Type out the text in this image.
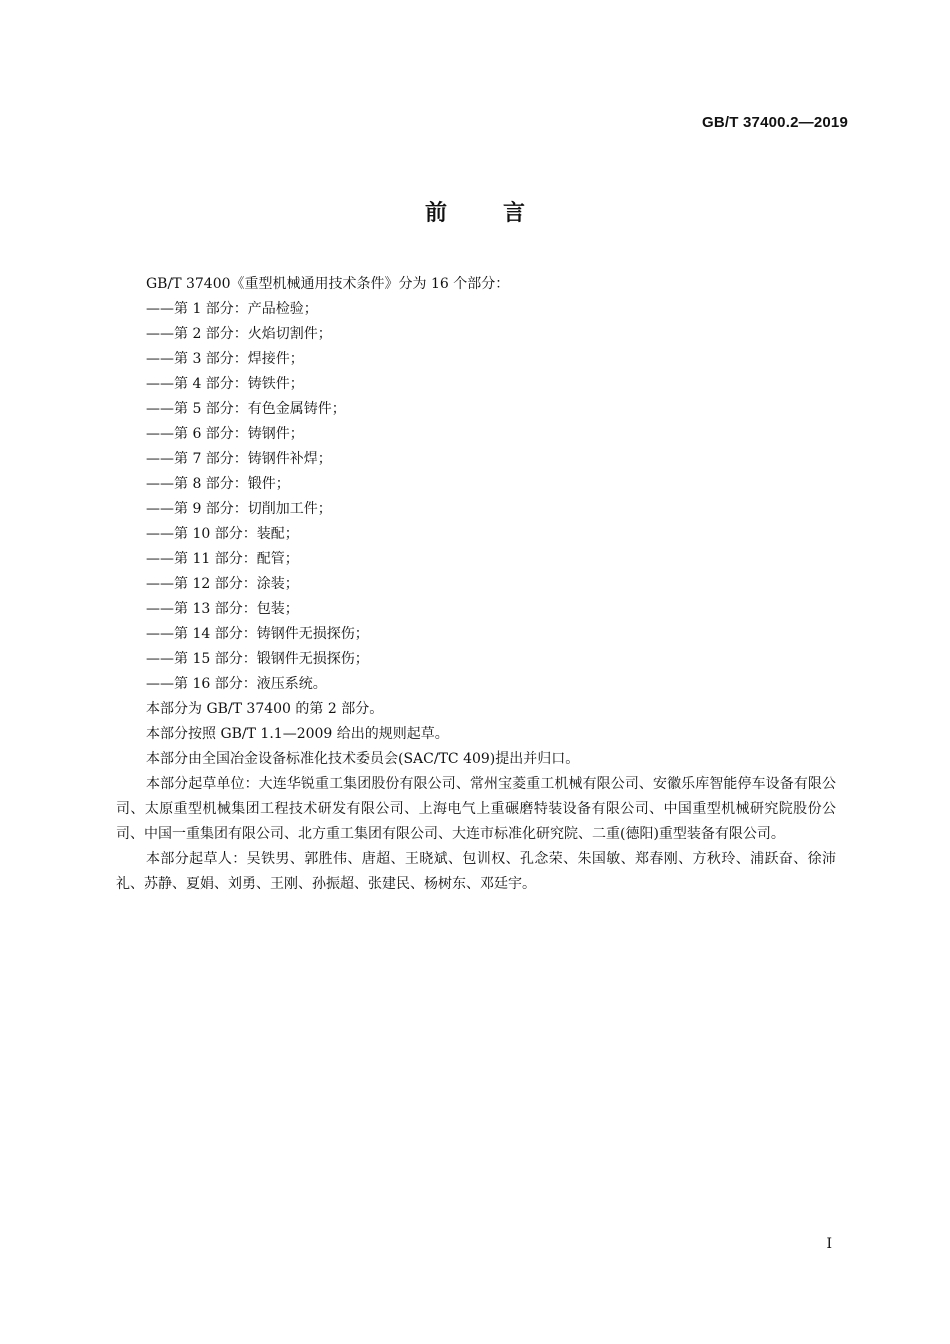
GB/T 37400.2—2019
前言

GB/T 37400《重型机械通用技术条件》分为 16 个部分：

——第 1 部分：产品检验；
——第 2 部分：火焰切割件；
——第 3 部分：焊接件；
——第 4 部分：铸铁件；
——第 5 部分：有色金属铸件；
——第 6 部分：铸钢件；
——第 7 部分：铸钢件补焊；
——第 8 部分：锻件；
——第 9 部分：切削加工件；
——第 10 部分：装配；
——第 11 部分：配管；
——第 12 部分：涂装；
——第 13 部分：包装；
——第 14 部分：铸钢件无损探伤；
——第 15 部分：锻钢件无损探伤；
——第 16 部分：液压系统。

本部分为 GB/T 37400 的第 2 部分。

本部分按照 GB/T 1.1—2009 给出的规则起草。

本部分由全国冶金设备标准化技术委员会(SAC/TC 409)提出并归口。

本部分起草单位：大连华锐重工集团股份有限公司、常州宝菱重工机械有限公司、安徽乐库智能停车设备有限公司、太原重型机械集团工程技术研发有限公司、上海电气上重碾磨特装设备有限公司、中国重型机械研究院股份公司、中国一重集团有限公司、北方重工集团有限公司、大连市标准化研究院、二重(德阳)重型装备有限公司。

本部分起草人：吴铁男、郭胜伟、唐超、王晓斌、包训权、孔念荣、朱国敏、郑春刚、方秋玲、浦跃奋、徐沛礼、苏静、夏娟、刘勇、王刚、孙振超、张建民、杨树东、邓廷宇。

I
